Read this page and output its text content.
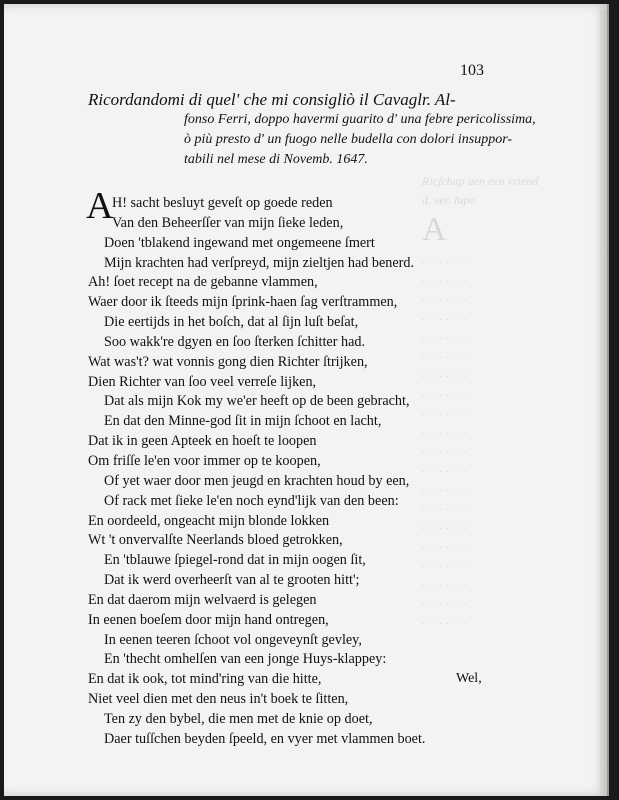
Ricſchap aen een vriend
d. ver. lupe.
A
. . . . . . . .
. . . . . . . .
. . . . . . . .
. . . . . . . .
. . . . . . . .
. . . . . . . .
. . . . . . . .
. . . . . . . .
. . . . . . . .
. . . . . . . .
. . . . . . . .
. . . . . . . .
. . . . . . . .
. . . . . . . .
. . . . . . . .
. . . . . . . .
. . . . . . . .
. . . . . . . .
. . . . . . . .
. . . . . . . .
103
Ricordandomi di quel' che mi consigliò il Cavaglr. Al-
fonso Ferri, doppo havermi guarito d' una febre pericolissima,
ò più presto d' un fuogo nelle budella con dolori insuppor-
tabili nel mese di Novemb. 1647.
A
H! sacht besluyt geveſt op goede reden
Van den Beheerſſer van mijn ſieke leden,
Doen 'tblakend ingewand met ongemeene ſmert
Mijn krachten had verſpreyd, mijn zieltjen had benerd.
Ah! ſoet recept na de gebanne vlammen,
Waer door ik ſteeds mijn ſprink-haen ſag verſtrammen,
Die eertijds in het boſch, dat al ſijn luſt beſat,
Soo wakk're dgyen en ſoo ſterken ſchitter had.
Wat was't? wat vonnis gong dien Richter ſtrijken,
Dien Richter van ſoo veel verreſe lijken,
Dat als mijn Kok my we'er heeft op de been gebracht,
En dat den Minne-god ſit in mijn ſchoot en lacht,
Dat ik in geen Apteek en hoeſt te loopen
Om friſſe le'en voor immer op te koopen,
Of yet waer door men jeugd en krachten houd by een,
Of rack met ſieke le'en noch eynd'lijk van den been:
En oordeeld, ongeacht mijn blonde lokken
Wt 't onvervalſte Neerlands bloed getrokken,
En 'tblauwe ſpiegel-rond dat in mijn oogen ſit,
Dat ik werd overheerſt van al te grooten hitt';
En dat daerom mijn welvaerd is gelegen
In eenen boeſem door mijn hand ontregen,
In eenen teeren ſchoot vol ongeveynſt gevley,
En 'thecht omhelſen van een jonge Huys-klappey:
En dat ik ook, tot mind'ring van die hitte,
Niet veel dien met den neus in't boek te ſitten,
Ten zy den bybel, die men met de knie op doet,
Daer tuſſchen beyden ſpeeld, en vyer met vlammen boet.
Wel,
